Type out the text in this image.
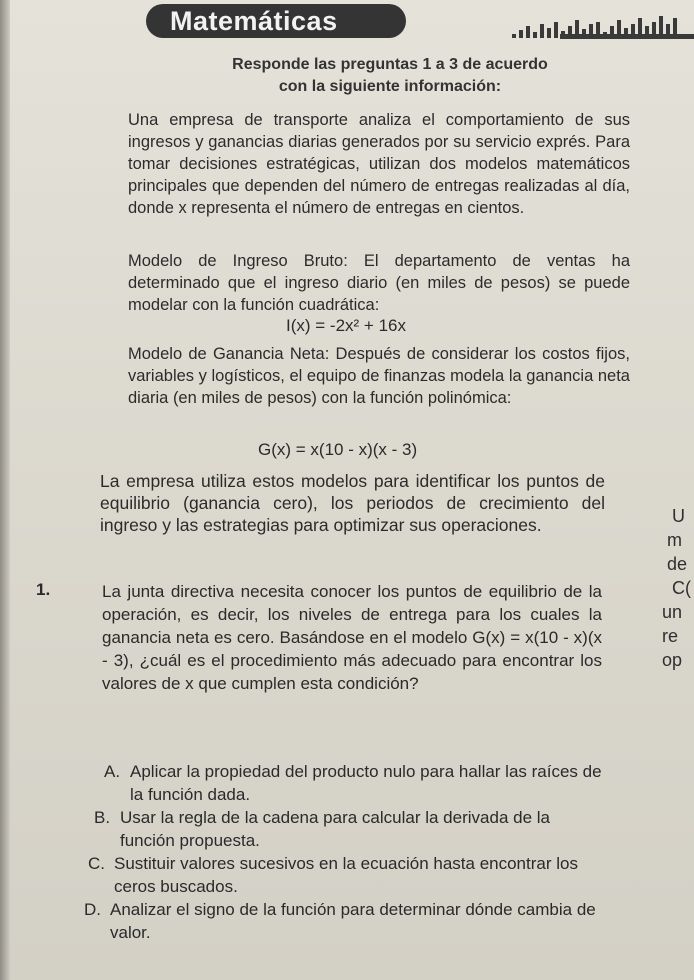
Matemáticas
Responde las preguntas 1 a 3 de acuerdo
con la siguiente información:
Una empresa de transporte analiza el comportamiento de sus ingresos y ganancias diarias generados por su servicio exprés. Para tomar decisiones estratégicas, utilizan dos modelos matemáticos principales que dependen del número de entregas realizadas al día, donde x representa el número de entregas en cientos.
Modelo de Ingreso Bruto: El departamento de ventas ha determinado que el ingreso diario (en miles de pesos) se puede modelar con la función cuadrática:
I(x) = -2x² + 16x
Modelo de Ganancia Neta: Después de considerar los costos fijos, variables y logísticos, el equipo de finanzas modela la ganancia neta diaria (en miles de pesos) con la función polinómica:
G(x) = x(10 - x)(x - 3)
La empresa utiliza estos modelos para identificar los puntos de equilibrio (ganancia cero), los periodos de crecimiento del ingreso y las estrategias para optimizar sus operaciones.
1.	La junta directiva necesita conocer los puntos de equilibrio de la operación, es decir, los niveles de entrega para los cuales la ganancia neta es cero. Basándose en el modelo G(x) = x(10 - x)(x - 3), ¿cuál es el procedimiento más adecuado para encontrar los valores de x que cumplen esta condición?
A. Aplicar la propiedad del producto nulo para hallar las raíces de la función dada.
B. Usar la regla de la cadena para calcular la derivada de la función propuesta.
C. Sustituir valores sucesivos en la ecuación hasta encontrar los ceros buscados.
D. Analizar el signo de la función para determinar dónde cambia de valor.
U
m
de
C(
un
re
op
